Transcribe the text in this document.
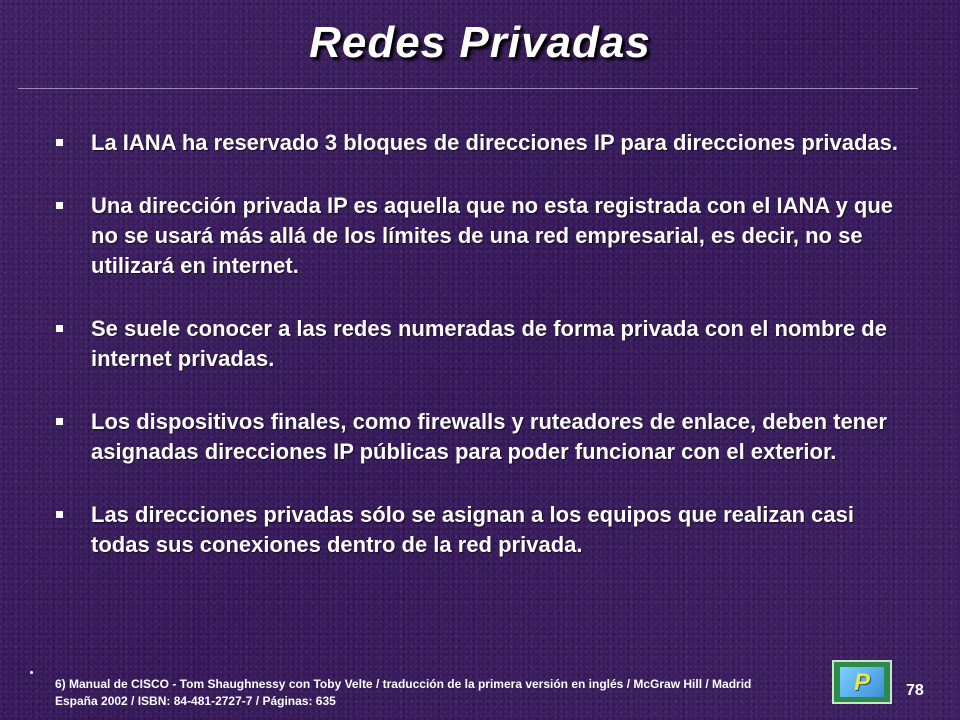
Redes Privadas
La IANA ha reservado 3 bloques de direcciones IP para direcciones privadas.
Una dirección privada IP es aquella que no esta registrada con el IANA y que no se usará más allá de los límites de una red empresarial, es decir, no se utilizará en internet.
Se suele conocer a las redes numeradas de forma privada con el nombre de internet privadas.
Los dispositivos finales, como firewalls y ruteadores de enlace, deben tener asignadas direcciones IP públicas para poder funcionar con el exterior.
Las direcciones privadas sólo se asignan a los equipos que realizan casi todas sus conexiones dentro de la red privada.

6) Manual de CISCO - Tom Shaughnessy con Toby Velte / traducción de la primera versión en inglés / McGraw Hill / Madrid España 2002 / ISBN: 84-481-2727-7 / Páginas: 635

P 78
